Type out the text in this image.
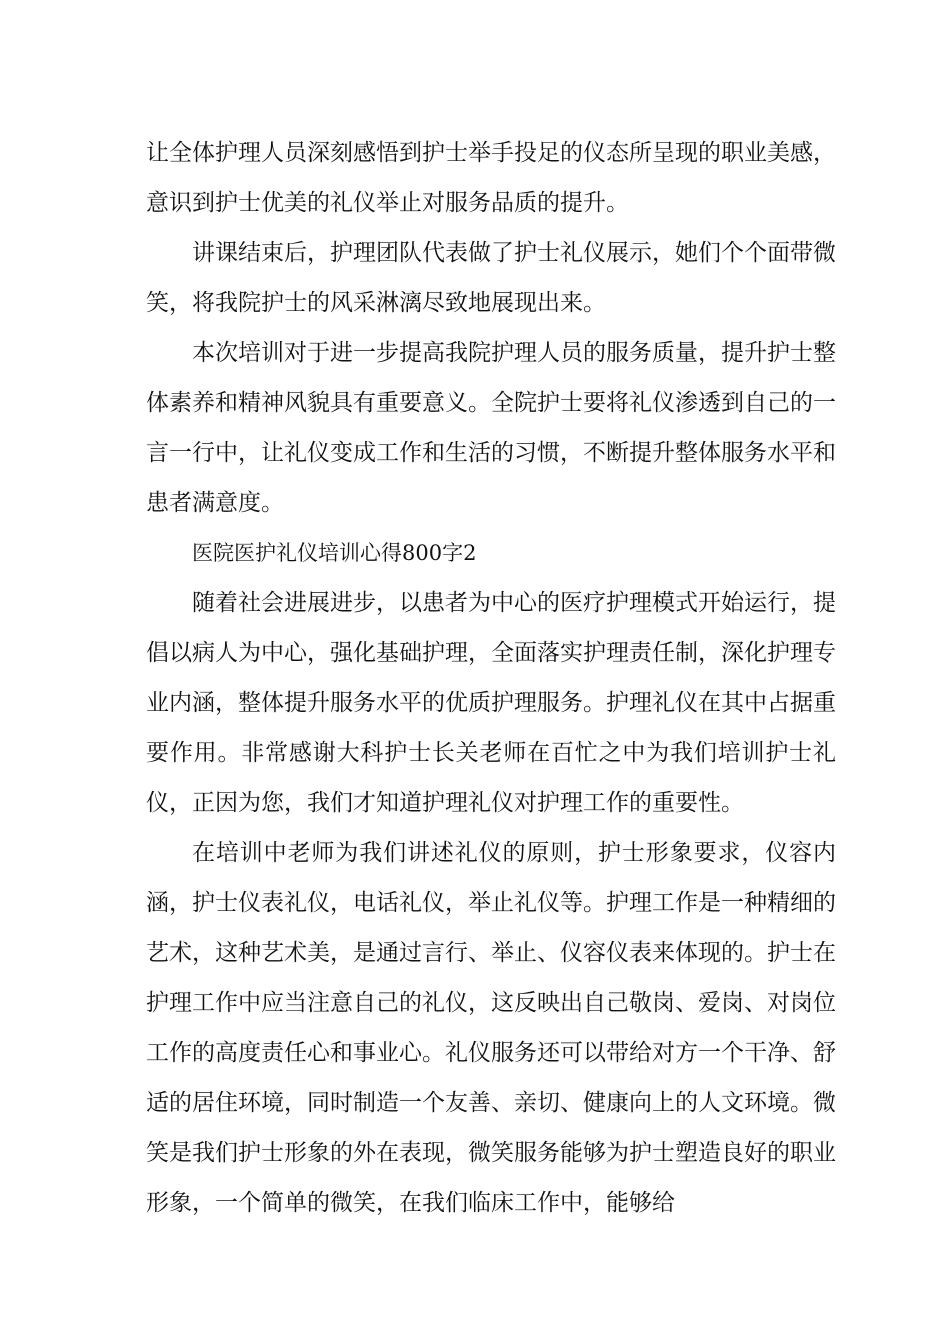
让全体护理人员深刻感悟到护士举手投足的仪态所呈现的职业美感，意识到护士优美的礼仪举止对服务品质的提升。

讲课结束后，护理团队代表做了护士礼仪展示，她们个个面带微笑，将我院护士的风采淋漓尽致地展现出来。

本次培训对于进一步提高我院护理人员的服务质量，提升护士整体素养和精神风貌具有重要意义。全院护士要将礼仪渗透到自己的一言一行中，让礼仪变成工作和生活的习惯，不断提升整体服务水平和患者满意度。

医院医护礼仪培训心得800字2

随着社会进展进步，以患者为中心的医疗护理模式开始运行，提倡以病人为中心，强化基础护理，全面落实护理责任制，深化护理专业内涵，整体提升服务水平的优质护理服务。护理礼仪在其中占据重要作用。非常感谢大科护士长关老师在百忙之中为我们培训护士礼仪，正因为您，我们才知道护理礼仪对护理工作的重要性。

在培训中老师为我们讲述礼仪的原则，护士形象要求，仪容内涵，护士仪表礼仪，电话礼仪，举止礼仪等。护理工作是一种精细的艺术，这种艺术美，是通过言行、举止、仪容仪表来体现的。护士在护理工作中应当注意自己的礼仪，这反映出自己敬岗、爱岗、对岗位工作的高度责任心和事业心。礼仪服务还可以带给对方一个干净、舒适的居住环境，同时制造一个友善、亲切、健康向上的人文环境。微笑是我们护士形象的外在表现，微笑服务能够为护士塑造良好的职业形象，一个简单的微笑，在我们临床工作中，能够给
